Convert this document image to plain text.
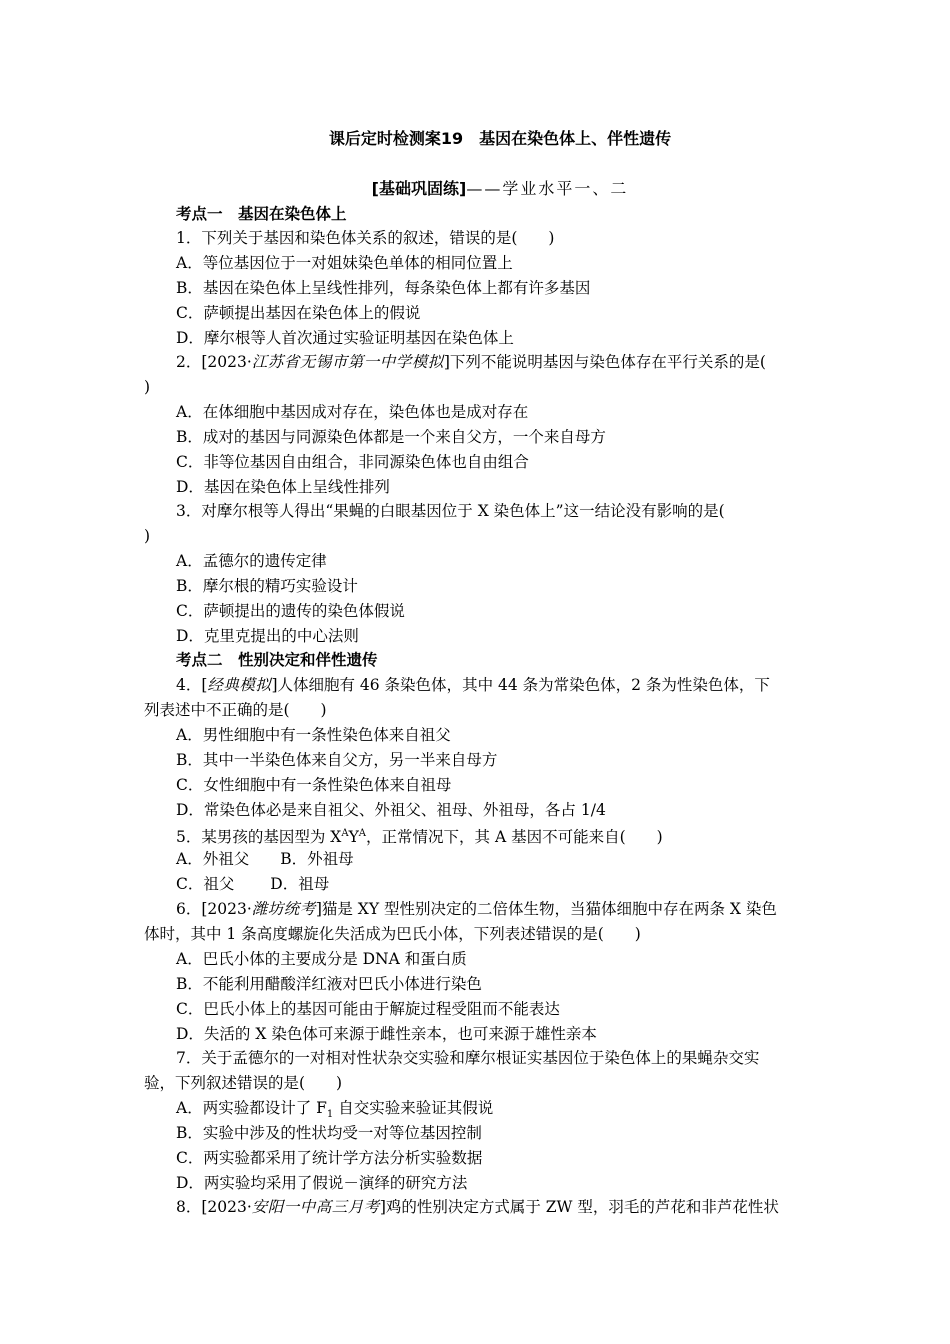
课后定时检测案19　基因在染色体上、伴性遗传
[基础巩固练]——学业水平一、二
考点一　基因在染色体上
1．下列关于基因和染色体关系的叙述，错误的是(　　)
A．等位基因位于一对姐妹染色单体的相同位置上
B．基因在染色体上呈线性排列，每条染色体上都有许多基因
C．萨顿提出基因在染色体上的假说
D．摩尔根等人首次通过实验证明基因在染色体上
2．[2023·江苏省无锡市第一中学模拟]下列不能说明基因与染色体存在平行关系的是(
)
A．在体细胞中基因成对存在，染色体也是成对存在
B．成对的基因与同源染色体都是一个来自父方，一个来自母方
C．非等位基因自由组合，非同源染色体也自由组合
D．基因在染色体上呈线性排列
3．对摩尔根等人得出“果蝇的白眼基因位于 X 染色体上”这一结论没有影响的是(
)
A．孟德尔的遗传定律
B．摩尔根的精巧实验设计
C．萨顿提出的遗传的染色体假说
D．克里克提出的中心法则
考点二　性别决定和伴性遗传
4．[经典模拟]人体细胞有 46 条染色体，其中 44 条为常染色体，2 条为性染色体，下
列表述中不正确的是(　　)
A．男性细胞中有一条性染色体来自祖父
B．其中一半染色体来自父方，另一半来自母方
C．女性细胞中有一条性染色体来自祖母
D．常染色体必是来自祖父、外祖父、祖母、外祖母，各占 1/4
5．某男孩的基因型为 $X^AY^A$，正常情况下，其 A 基因不可能来自(　　)
A．外祖父　　B．外祖母
C．祖父　　 D．祖母
6．[2023·潍坊统考]猫是 XY 型性别决定的二倍体生物，当猫体细胞中存在两条 X 染色
体时，其中 1 条高度螺旋化失活成为巴氏小体，下列表述错误的是(　　)
A．巴氏小体的主要成分是 DNA 和蛋白质
B．不能利用醋酸洋红液对巴氏小体进行染色
C．巴氏小体上的基因可能由于解旋过程受阻而不能表达
D．失活的 X 染色体可来源于雌性亲本，也可来源于雄性亲本
7．关于孟德尔的一对相对性状杂交实验和摩尔根证实基因位于染色体上的果蝇杂交实
验，下列叙述错误的是(　　)
A．两实验都设计了 $F_1$ 自交实验来验证其假说
B．实验中涉及的性状均受一对等位基因控制
C．两实验都采用了统计学方法分析实验数据
D．两实验均采用了假说－演绎的研究方法
8．[2023·安阳一中高三月考]鸡的性别决定方式属于 ZW 型，羽毛的芦花和非芦花性状
